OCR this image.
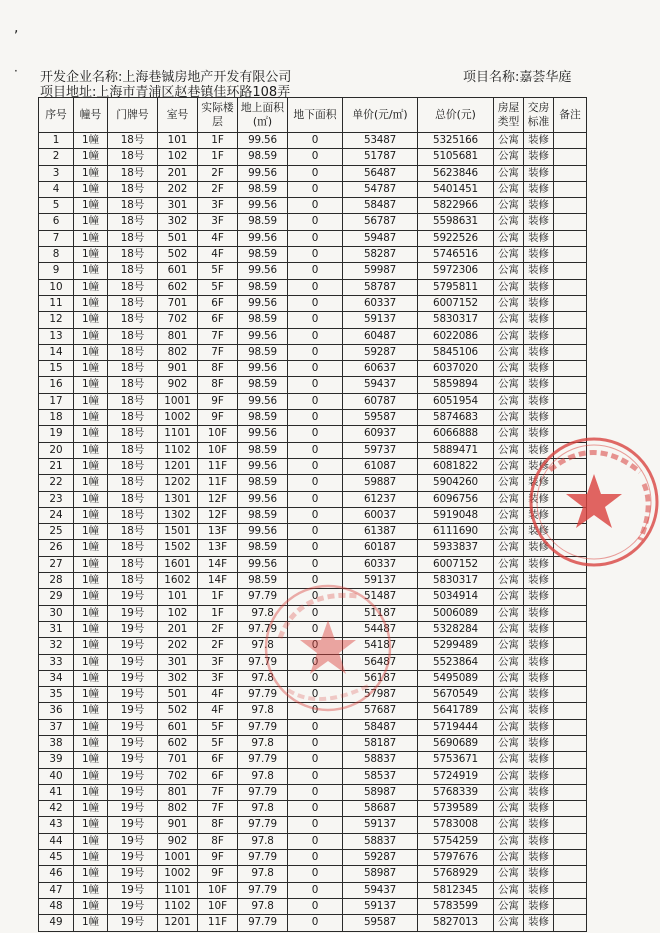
,
· 开发企业名称:上海巷铖房地产开发有限公司	项目名称:嘉荟华庭
项目地址:上海市青浦区赵巷镇佳环路108弄
序号	幢号	门牌号	室号	实际楼层	地上面积(㎡)	地下面积	单价(元/㎡)	总价(元)	房屋类型	交房标准	备注
1	1幢	18号	101	1F	99.56	0	53487	5325166	公寓	装修	
2	1幢	18号	102	1F	98.59	0	51787	5105681	公寓	装修	
3	1幢	18号	201	2F	99.56	0	56487	5623846	公寓	装修	
4	1幢	18号	202	2F	98.59	0	54787	5401451	公寓	装修	
5	1幢	18号	301	3F	99.56	0	58487	5822966	公寓	装修	
6	1幢	18号	302	3F	98.59	0	56787	5598631	公寓	装修	
7	1幢	18号	501	4F	99.56	0	59487	5922526	公寓	装修	
8	1幢	18号	502	4F	98.59	0	58287	5746516	公寓	装修	
9	1幢	18号	601	5F	99.56	0	59987	5972306	公寓	装修	
10	1幢	18号	602	5F	98.59	0	58787	5795811	公寓	装修	
11	1幢	18号	701	6F	99.56	0	60337	6007152	公寓	装修	
12	1幢	18号	702	6F	98.59	0	59137	5830317	公寓	装修	
13	1幢	18号	801	7F	99.56	0	60487	6022086	公寓	装修	
14	1幢	18号	802	7F	98.59	0	59287	5845106	公寓	装修	
15	1幢	18号	901	8F	99.56	0	60637	6037020	公寓	装修	
16	1幢	18号	902	8F	98.59	0	59437	5859894	公寓	装修	
17	1幢	18号	1001	9F	99.56	0	60787	6051954	公寓	装修	
18	1幢	18号	1002	9F	98.59	0	59587	5874683	公寓	装修	
19	1幢	18号	1101	10F	99.56	0	60937	6066888	公寓	装修	
20	1幢	18号	1102	10F	98.59	0	59737	5889471	公寓	装修	
21	1幢	18号	1201	11F	99.56	0	61087	6081822	公寓	装修	
22	1幢	18号	1202	11F	98.59	0	59887	5904260	公寓	装修	
23	1幢	18号	1301	12F	99.56	0	61237	6096756	公寓	装修	
24	1幢	18号	1302	12F	98.59	0	60037	5919048	公寓	装修	
25	1幢	18号	1501	13F	99.56	0	61387	6111690	公寓	装修	
26	1幢	18号	1502	13F	98.59	0	60187	5933837	公寓	装修	
27	1幢	18号	1601	14F	99.56	0	60337	6007152	公寓	装修	
28	1幢	18号	1602	14F	98.59	0	59137	5830317	公寓	装修	
29	1幢	19号	101	1F	97.79	0	51487	5034914	公寓	装修	
30	1幢	19号	102	1F	97.8	0	51187	5006089	公寓	装修	
31	1幢	19号	201	2F	97.79	0	54487	5328284	公寓	装修	
32	1幢	19号	202	2F	97.8	0	54187	5299489	公寓	装修	
33	1幢	19号	301	3F	97.79	0	56487	5523864	公寓	装修	
34	1幢	19号	302	3F	97.8	0	56187	5495089	公寓	装修	
35	1幢	19号	501	4F	97.79	0	57987	5670549	公寓	装修	
36	1幢	19号	502	4F	97.8	0	57687	5641789	公寓	装修	
37	1幢	19号	601	5F	97.79	0	58487	5719444	公寓	装修	
38	1幢	19号	602	5F	97.8	0	58187	5690689	公寓	装修	
39	1幢	19号	701	6F	97.79	0	58837	5753671	公寓	装修	
40	1幢	19号	702	6F	97.8	0	58537	5724919	公寓	装修	
41	1幢	19号	801	7F	97.79	0	58987	5768339	公寓	装修	
42	1幢	19号	802	7F	97.8	0	58687	5739589	公寓	装修	
43	1幢	19号	901	8F	97.79	0	59137	5783008	公寓	装修	
44	1幢	19号	902	8F	97.8	0	58837	5754259	公寓	装修	
45	1幢	19号	1001	9F	97.79	0	59287	5797676	公寓	装修	
46	1幢	19号	1002	9F	97.8	0	58987	5768929	公寓	装修	
47	1幢	19号	1101	10F	97.79	0	59437	5812345	公寓	装修	
48	1幢	19号	1102	10F	97.8	0	59137	5783599	公寓	装修	
49	1幢	19号	1201	11F	97.79	0	59587	5827013	公寓	装修	
